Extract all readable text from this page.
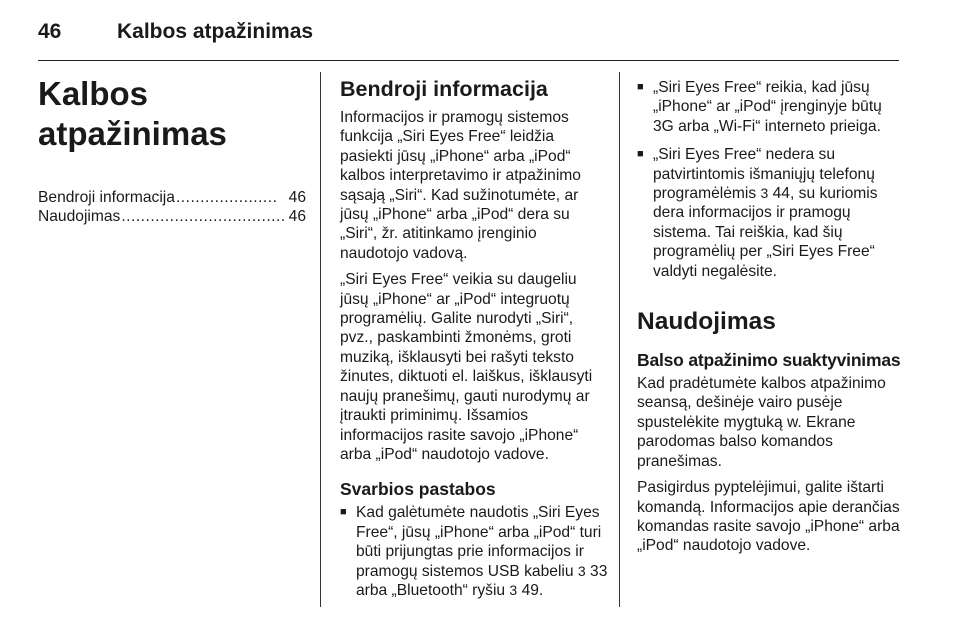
46	Kalbos atpažinimas
Kalbos atpažinimas
Bendroji informacija ..................... 46
Naudojimas .................................. 46
Bendroji informacija
Informacijos ir pramogų sistemos funkcija „Siri Eyes Free“ leidžia pasiekti jūsų „iPhone“ arba „iPod“ kalbos interpretavimo ir atpažinimo sąsają „Siri“. Kad sužinotumėte, ar jūsų „iPhone“ arba „iPod“ dera su „Siri“, žr. atitinkamo įrenginio naudotojo vadovą.
„Siri Eyes Free“ veikia su daugeliu jūsų „iPhone“ ar „iPod“ integruotų programėlių. Galite nurodyti „Siri“, pvz., paskambinti žmonėms, groti muziką, išklausyti bei rašyti teksto žinutes, diktuoti el. laiškus, išklausyti naujų pranešimų, gauti nurodymų ar įtraukti priminimų. Išsamios informacijos rasite savojo „iPhone“ arba „iPod“ naudotojo vadove.
Svarbios pastabos
■ Kad galėtumėte naudotis „Siri Eyes Free“, jūsų „iPhone“ arba „iPod“ turi būti prijungtas prie informacijos ir pramogų sistemos USB kabeliu 3 33 arba „Bluetooth“ ryšiu 3 49.
■ „Siri Eyes Free“ reikia, kad jūsų „iPhone“ ar „iPod“ įrenginyje būtų 3G arba „Wi-Fi“ interneto prieiga.
■ „Siri Eyes Free“ nedera su patvirtintomis išmaniųjų telefonų programėlėmis 3 44, su kuriomis dera informacijos ir pramogų sistema. Tai reiškia, kad šių programėlių per „Siri Eyes Free“ valdyti negalėsite.
Naudojimas
Balso atpažinimo suaktyvinimas
Kad pradėtumėte kalbos atpažinimo seansą, dešinėje vairo pusėje spustelėkite mygtuką w. Ekrane parodomas balso komandos pranešimas.
Pasigirdus pyptelėjimui, galite ištarti komandą. Informacijos apie derančias komandas rasite savojo „iPhone“ arba „iPod“ naudotojo vadove.
